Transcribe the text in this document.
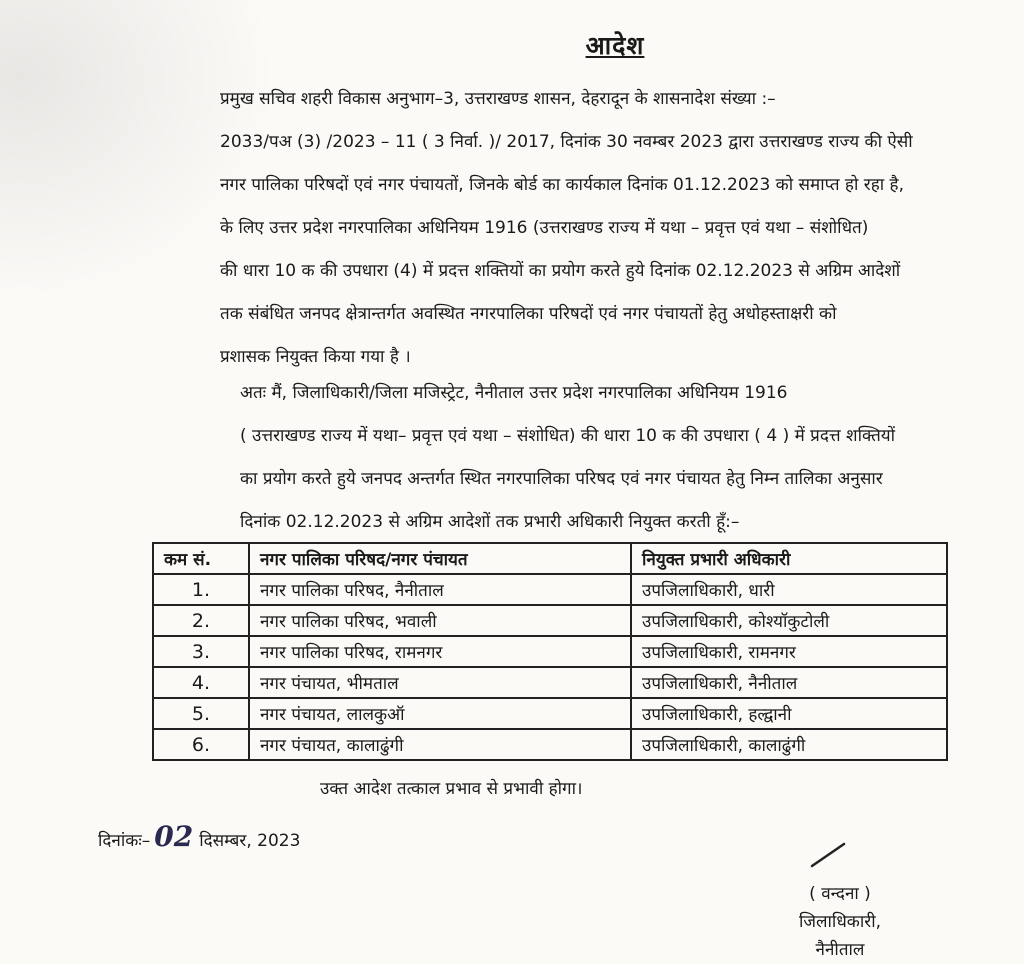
आदेश
प्रमुख सचिव शहरी विकास अनुभाग–3, उत्तराखण्ड शासन, देहरादून के शासनादेश संख्या :–
2033/पअ (3) /2023 – 11 ( 3 निर्वा. )/ 2017, दिनांक 30 नवम्बर 2023 द्वारा उत्तराखण्ड राज्य की ऐसी
नगर पालिका परिषदों एवं नगर पंचायतों, जिनके बोर्ड का कार्यकाल दिनांक 01.12.2023 को समाप्त हो रहा है,
के लिए उत्तर प्रदेश नगरपालिका अधिनियम 1916 (उत्तराखण्ड राज्य में यथा – प्रवृत्त एवं यथा – संशोधित)
की धारा 10 क की उपधारा (4) में प्रदत्त शक्तियों का प्रयोग करते हुये दिनांक 02.12.2023 से अग्रिम आदेशों
तक संबंधित जनपद क्षेत्रान्तर्गत अवस्थित नगरपालिका परिषदों एवं नगर पंचायतों हेतु अधोहस्ताक्षरी को
प्रशासक नियुक्त किया गया है ।
अतः मैं, जिलाधिकारी/जिला मजिस्ट्रेट, नैनीताल उत्तर प्रदेश नगरपालिका अधिनियम 1916
( उत्तराखण्ड राज्य में यथा– प्रवृत्त एवं यथा – संशोधित) की धारा 10 क की उपधारा ( 4 ) में प्रदत्त शक्तियों
का प्रयोग करते हुये जनपद अन्तर्गत स्थित नगरपालिका परिषद एवं नगर पंचायत हेतु निम्न तालिका अनुसार
दिनांक 02.12.2023 से अग्रिम आदेशों तक प्रभारी अधिकारी नियुक्त करती हूँ:–
कम सं.	नगर पालिका परिषद/नगर पंचायत	नियुक्त प्रभारी अधिकारी
1.	नगर पालिका परिषद, नैनीताल	उपजिलाधिकारी, धारी
2.	नगर पालिका परिषद, भवाली	उपजिलाधिकारी, कोश्यॉकुटोली
3.	नगर पालिका परिषद, रामनगर	उपजिलाधिकारी, रामनगर
4.	नगर पंचायत, भीमताल	उपजिलाधिकारी, नैनीताल
5.	नगर पंचायत, लालकुऑ	उपजिलाधिकारी, हल्द्वानी
6.	नगर पंचायत, कालाढुंगी	उपजिलाधिकारी, कालाढुंगी
उक्त आदेश तत्काल प्रभाव से प्रभावी होगा।
दिनांकः– 02 दिसम्बर, 2023
( वन्दना )
जिलाधिकारी,
नैनीताल
